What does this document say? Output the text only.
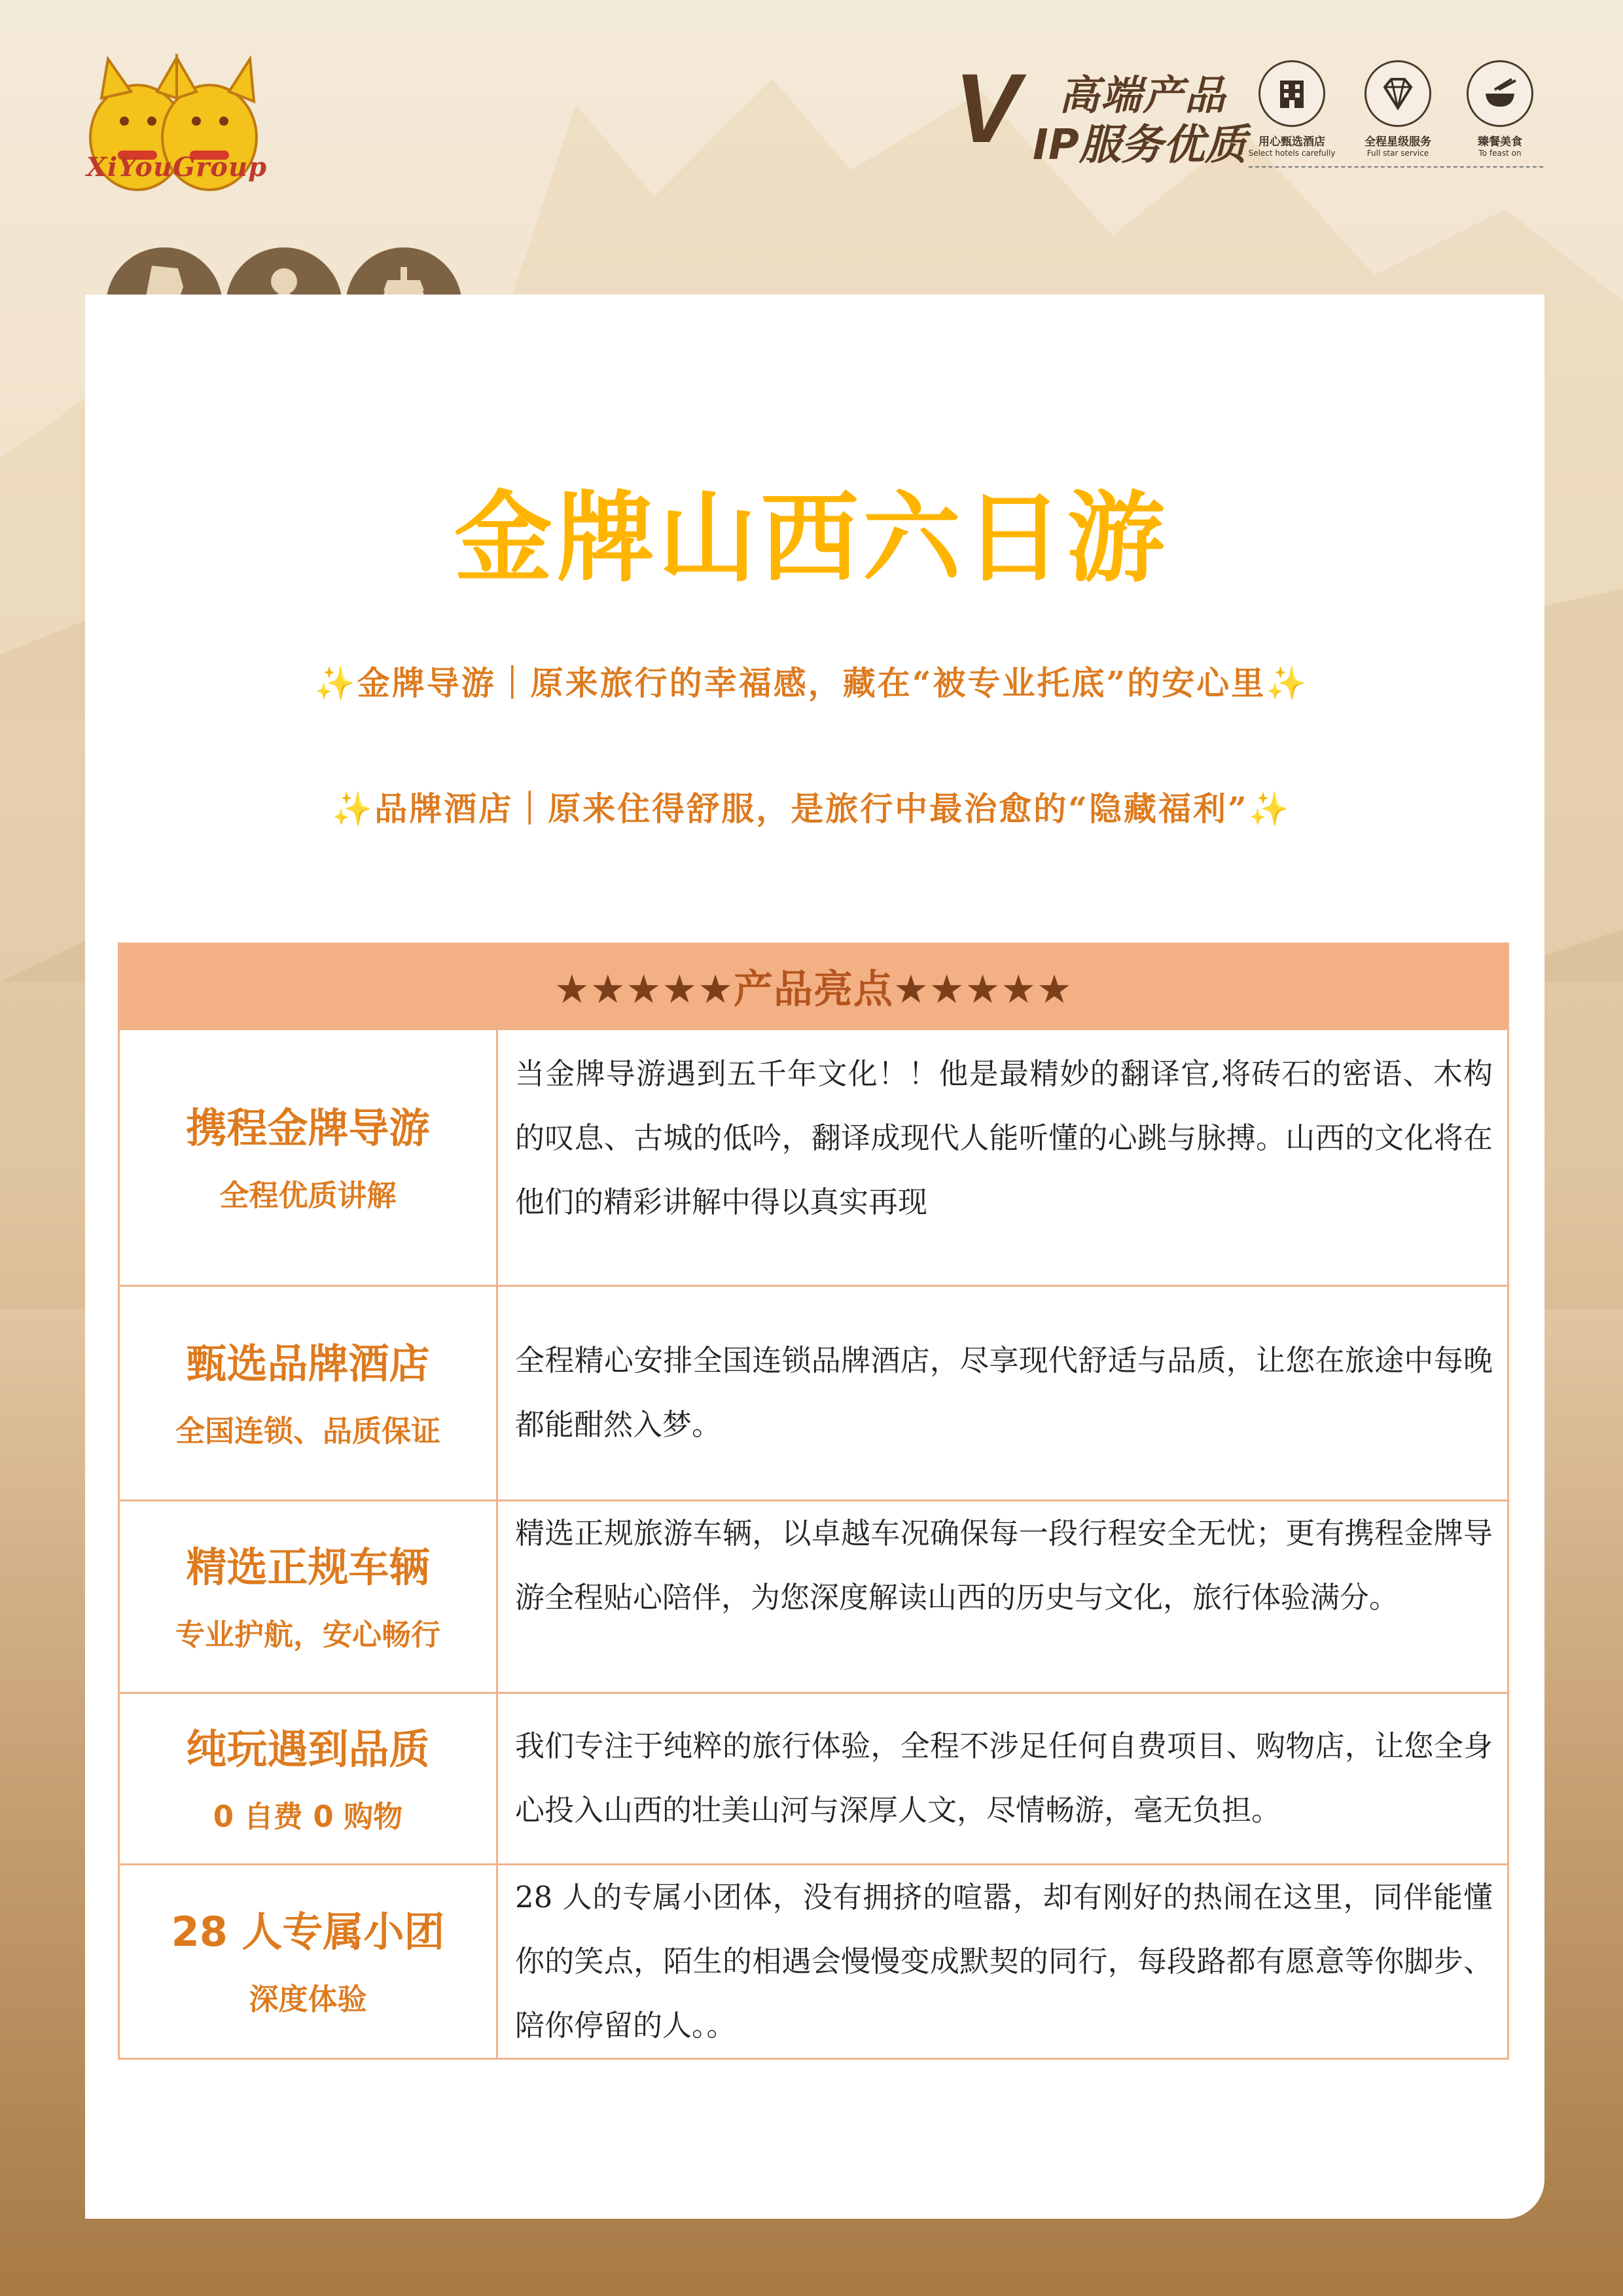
XiYouGroup
V 高端产品
IP服务优质	用心甄选酒店
Select hotels carefully
全程星级服务
Full star service
臻餐美食
To feast on
金牌山西六日游
✨金牌导游｜原来旅行的幸福感，藏在“被专业托底”的安心里✨
✨品牌酒店｜原来住得舒服，是旅行中最治愈的“隐藏福利”✨
★★★★★产品亮点★★★★★	

携程金牌导游
全程优质讲解	当金牌导游遇到五千年文化！！他是最精妙的翻译官,将砖石的密语、木构的叹息、古城的低吟，翻译成现代人能听懂的心跳与脉搏。山西的文化将在他们的精彩讲解中得以真实再现

甄选品牌酒店
全国连锁、品质保证	全程精心安排全国连锁品牌酒店，尽享现代舒适与品质，让您在旅途中每晚都能酣然入梦。

精选正规车辆
专业护航，安心畅行	精选正规旅游车辆，以卓越车况确保每一段行程安全无忧；更有携程金牌导游全程贴心陪伴，为您深度解读山西的历史与文化，旅行体验满分。

纯玩遇到品质
0 自费 0 购物	我们专注于纯粹的旅行体验，全程不涉足任何自费项目、购物店，让您全身心投入山西的壮美山河与深厚人文，尽情畅游，毫无负担。

28 人专属小团
深度体验	28 人的专属小团体，没有拥挤的喧嚣，却有刚好的热闹在这里，同伴能懂你的笑点，陌生的相遇会慢慢变成默契的同行，每段路都有愿意等你脚步、陪你停留的人。。
